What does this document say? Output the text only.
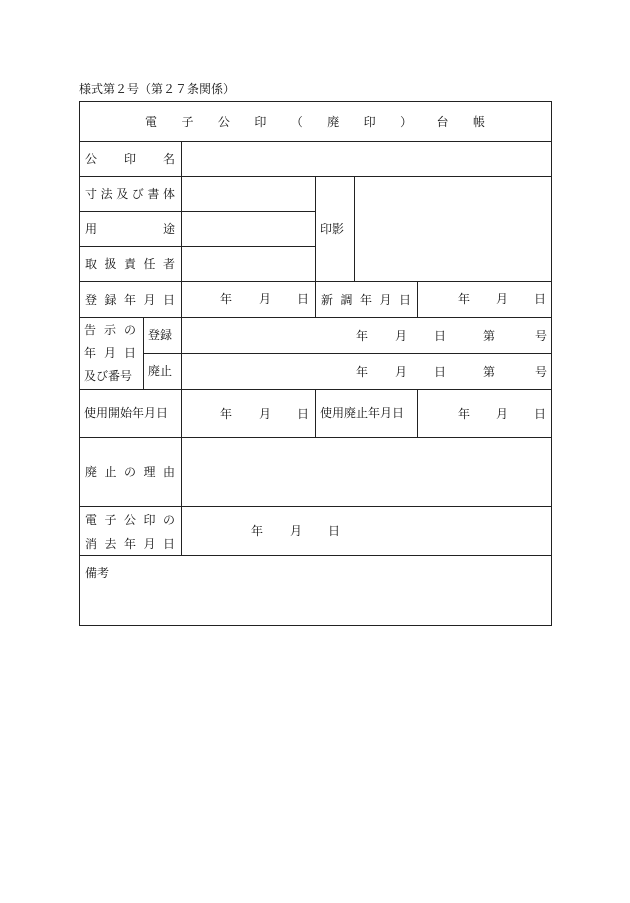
様式第２号（第２７条関係）
電 子 公 印 （ 廃 印 ） 台 帳
公 印 名
寸 法 及 び 書 体
用	途
取 扱 責 任 者
印影
登 録 年 月 日	年 月 日 新 調 年 月 日	年 月 日
告 示 の
年 月 日
及び番号
登録	年 月 日	第	号
廃止	年 月 日	第	号
使用開始年月日	年 月 日 使用廃止年月日	年 月 日
廃 止 の 理 由
電 子 公 印 の
消 去 年 月 日
年 月 日
備考
